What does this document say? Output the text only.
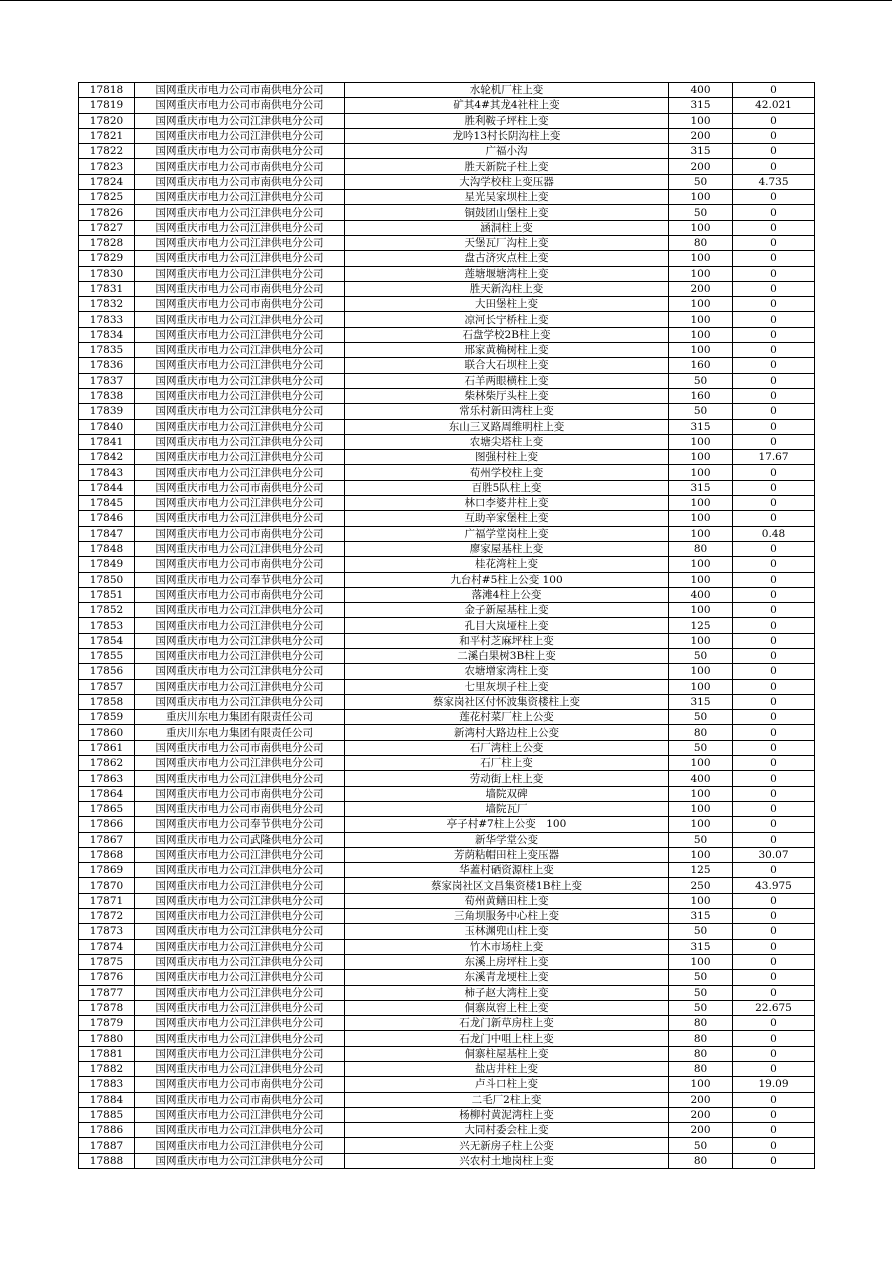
17818	国网重庆市电力公司市南供电分公司	水轮机厂柱上变	400	0
17819	国网重庆市电力公司市南供电分公司	矿其4#其龙4社柱上变	315	42.021
17820	国网重庆市电力公司江津供电分公司	胜利鞍子坪柱上变	100	0
17821	国网重庆市电力公司江津供电分公司	龙吟13村长阴沟柱上变	200	0
17822	国网重庆市电力公司市南供电分公司	广福小沟	315	0
17823	国网重庆市电力公司市南供电分公司	胜天新院子柱上变	200	0
17824	国网重庆市电力公司市南供电分公司	大沟学校柱上变压器	50	4.735
17825	国网重庆市电力公司江津供电分公司	星光吴家坝柱上变	100	0
17826	国网重庆市电力公司江津供电分公司	铜鼓团山堡柱上变	50	0
17827	国网重庆市电力公司江津供电分公司	涵洞柱上变	100	0
17828	国网重庆市电力公司江津供电分公司	天堡瓦厂沟柱上变	80	0
17829	国网重庆市电力公司江津供电分公司	盘古济灾点柱上变	100	0
17830	国网重庆市电力公司江津供电分公司	莲塘堰塘湾柱上变	100	0
17831	国网重庆市电力公司市南供电分公司	胜天新沟柱上变	200	0
17832	国网重庆市电力公司市南供电分公司	大田堡柱上变	100	0
17833	国网重庆市电力公司江津供电分公司	凉河长宁桥柱上变	100	0
17834	国网重庆市电力公司江津供电分公司	石盘学校2B柱上变	100	0
17835	国网重庆市电力公司江津供电分公司	邢家黄桷树柱上变	100	0
17836	国网重庆市电力公司江津供电分公司	联合大石坝柱上变	160	0
17837	国网重庆市电力公司江津供电分公司	石羊两眼横柱上变	50	0
17838	国网重庆市电力公司江津供电分公司	柴林柴厅头柱上变	160	0
17839	国网重庆市电力公司江津供电分公司	常乐村新田湾柱上变	50	0
17840	国网重庆市电力公司江津供电分公司	东山三叉路周维明柱上变	315	0
17841	国网重庆市电力公司江津供电分公司	农塘尖塔柱上变	100	0
17842	国网重庆市电力公司江津供电分公司	图强村柱上变	100	17.67
17843	国网重庆市电力公司江津供电分公司	荀州学校柱上变	100	0
17844	国网重庆市电力公司市南供电分公司	百胜5队柱上变	315	0
17845	国网重庆市电力公司江津供电分公司	林口李婆井柱上变	100	0
17846	国网重庆市电力公司江津供电分公司	互助辛家堡柱上变	100	0
17847	国网重庆市电力公司市南供电分公司	广福学堂岗柱上变	100	0.48
17848	国网重庆市电力公司江津供电分公司	廖家屋基柱上变	80	0
17849	国网重庆市电力公司市南供电分公司	桂花湾柱上变	100	0
17850	国网重庆市电力公司奉节供电分公司	九台村#5柱上公变 100	100	0
17851	国网重庆市电力公司市南供电分公司	落滩4柱上公变	400	0
17852	国网重庆市电力公司江津供电分公司	金子新屋基柱上变	100	0
17853	国网重庆市电力公司江津供电分公司	孔目大岚垭柱上变	125	0
17854	国网重庆市电力公司江津供电分公司	和平村芝麻坪柱上变	100	0
17855	国网重庆市电力公司江津供电分公司	二溪白果树3B柱上变	50	0
17856	国网重庆市电力公司江津供电分公司	农塘增家湾柱上变	100	0
17857	国网重庆市电力公司江津供电分公司	七里灰坝子柱上变	100	0
17858	国网重庆市电力公司江津供电分公司	蔡家岗社区付怀波集资楼柱上变	315	0
17859	重庆川东电力集团有限责任公司	莲花村菜厂柱上公变	50	0
17860	重庆川东电力集团有限责任公司	新湾村大路边柱上公变	80	0
17861	国网重庆市电力公司市南供电分公司	石厂湾柱上公变	50	0
17862	国网重庆市电力公司江津供电分公司	石厂柱上变	100	0
17863	国网重庆市电力公司江津供电分公司	劳动街上柱上变	400	0
17864	国网重庆市电力公司市南供电分公司	墙院双碑	100	0
17865	国网重庆市电力公司市南供电分公司	墙院瓦厂	100	0
17866	国网重庆市电力公司奉节供电分公司	亭子村#7柱上公变　100	100	0
17867	国网重庆市电力公司武隆供电分公司	新华学堂公变	50	0
17868	国网重庆市电力公司江津供电分公司	芳荫粘帽田柱上变压器	100	30.07
17869	国网重庆市电力公司江津供电分公司	华蓋村硒资源柱上变	125	0
17870	国网重庆市电力公司江津供电分公司	蔡家岗社区文昌集资楼1B柱上变	250	43.975
17871	国网重庆市电力公司江津供电分公司	荀州黄鳝田柱上变	100	0
17872	国网重庆市电力公司江津供电分公司	三角坝服务中心柱上变	315	0
17873	国网重庆市电力公司江津供电分公司	玉林渊兜山柱上变	50	0
17874	国网重庆市电力公司江津供电分公司	竹木市场柱上变	315	0
17875	国网重庆市电力公司江津供电分公司	东溪上房坪柱上变	100	0
17876	国网重庆市电力公司江津供电分公司	东溪青龙埂柱上变	50	0
17877	国网重庆市电力公司江津供电分公司	柿子赵大湾柱上变	50	0
17878	国网重庆市电力公司江津供电分公司	侗寨岚窖上柱上变	50	22.675
17879	国网重庆市电力公司江津供电分公司	石龙门新草房柱上变	80	0
17880	国网重庆市电力公司江津供电分公司	石龙门中咀上柱上变	80	0
17881	国网重庆市电力公司江津供电分公司	侗寨柱屋基柱上变	80	0
17882	国网重庆市电力公司江津供电分公司	盐店井柱上变	80	0
17883	国网重庆市电力公司市南供电分公司	卢斗口柱上变	100	19.09
17884	国网重庆市电力公司市南供电分公司	二毛厂2柱上变	200	0
17885	国网重庆市电力公司江津供电分公司	杨柳村黄泥湾柱上变	200	0
17886	国网重庆市电力公司江津供电分公司	大同村委会柱上变	200	0
17887	国网重庆市电力公司江津供电分公司	兴无新房子柱上公变	50	0
17888	国网重庆市电力公司江津供电分公司	兴农村土地岗柱上变	80	0
